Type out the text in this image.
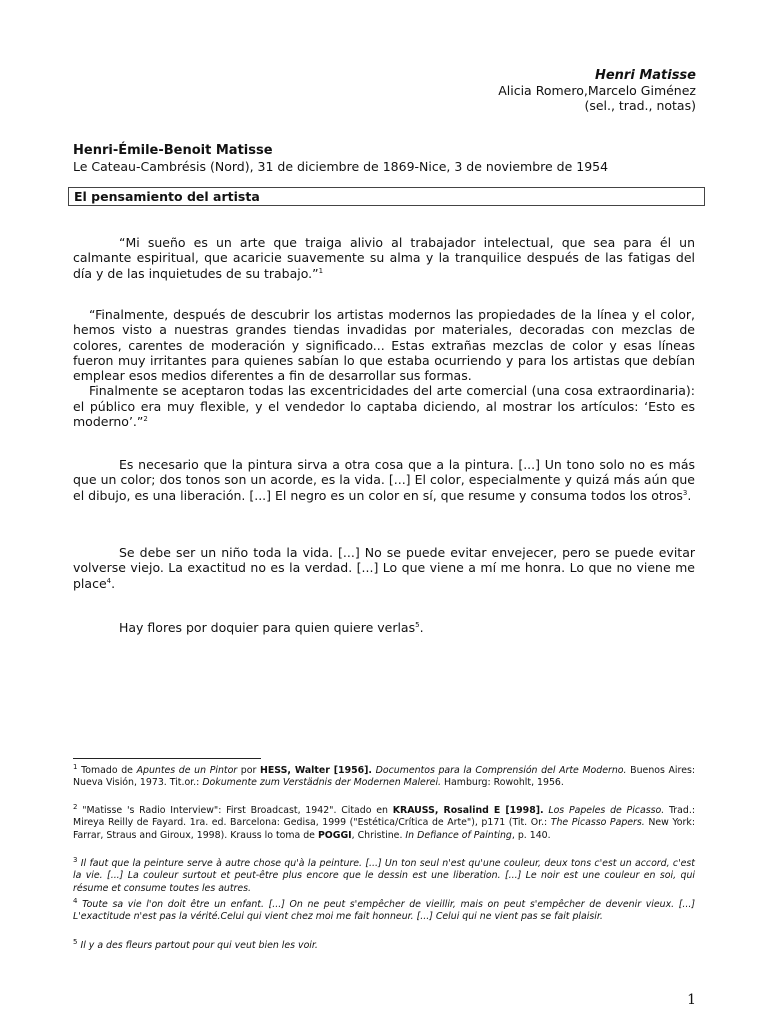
Henri Matisse
Alicia Romero,Marcelo Giménez
(sel., trad., notas)
Henri-Émile-Benoit Matisse
Le Cateau-Cambrésis (Nord), 31 de diciembre de 1869-Nice, 3 de noviembre de 1954
El pensamiento del artista
“Mi sueño es un arte que traiga alivio al trabajador intelectual, que sea para él un calmante espiritual, que acaricie suavemente su alma y la tranquilice después de las fatigas del día y de las inquietudes de su trabajo.”$^1$
“Finalmente, después de descubrir los artistas modernos las propiedades de la línea y el color, hemos visto a nuestras grandes tiendas invadidas por materiales, decoradas con mezclas de colores, carentes de moderación y significado... Estas extrañas mezclas de color y esas líneas fueron muy irritantes para quienes sabían lo que estaba ocurriendo y para los artistas que debían emplear esos medios diferentes a fin de desarrollar sus formas.
Finalmente se aceptaron todas las excentricidades del arte comercial (una cosa extraordinaria): el público era muy flexible, y el vendedor lo captaba diciendo, al mostrar los artículos: ‘Esto es moderno’.”$^2$
Es necesario que la pintura sirva a otra cosa que a la pintura. [...] Un tono solo no es más que un color; dos tonos son un acorde, es la vida. [...] El color, especialmente y quizá más aún que el dibujo, es una liberación. [...] El negro es un color en sí, que resume y consuma todos los otros$^3$.
Se debe ser un niño toda la vida. [...] No se puede evitar envejecer, pero se puede evitar volverse viejo. La exactitud no es la verdad. [...] Lo que viene a mí me honra. Lo que no viene me place$^4$.
Hay flores por doquier para quien quiere verlas$^5$.
$^1$ Tomado de Apuntes de un Pintor por HESS, Walter [1956]. Documentos para la Comprensión del Arte Moderno. Buenos Aires: Nueva Visión, 1973. Tit.or.: Dokumente zum Verstädnis der Modernen Malerei. Hamburg: Rowohlt, 1956.
$^2$ "Matisse 's Radio Interview": First Broadcast, 1942". Citado en KRAUSS, Rosalind E [1998]. Los Papeles de Picasso. Trad.: Mireya Reilly de Fayard. 1ra. ed. Barcelona: Gedisa, 1999 ("Estética/Crítica de Arte"), p171 (Tit. Or.: The Picasso Papers. New York: Farrar, Straus and Giroux, 1998). Krauss lo toma de POGGI, Christine. In Defiance of Painting, p. 140.
$^3$ Il faut que la peinture serve à autre chose qu'à la peinture. [...] Un ton seul n'est qu'une couleur, deux tons c'est un accord, c'est la vie. [...] La couleur surtout et peut-être plus encore que le dessin est une liberation. [...] Le noir est une couleur en soi, qui résume et consume toutes les autres.
$^4$ Toute sa vie l'on doit être un enfant. [...] On ne peut s'empêcher de vieillir, mais on peut s'empêcher de devenir vieux. [...] L'exactitude n'est pas la vérité.Celui qui vient chez moi me fait honneur. [...] Celui qui ne vient pas se fait plaisir.
$^5$ Il y a des fleurs partout pour qui veut bien les voir.
1
